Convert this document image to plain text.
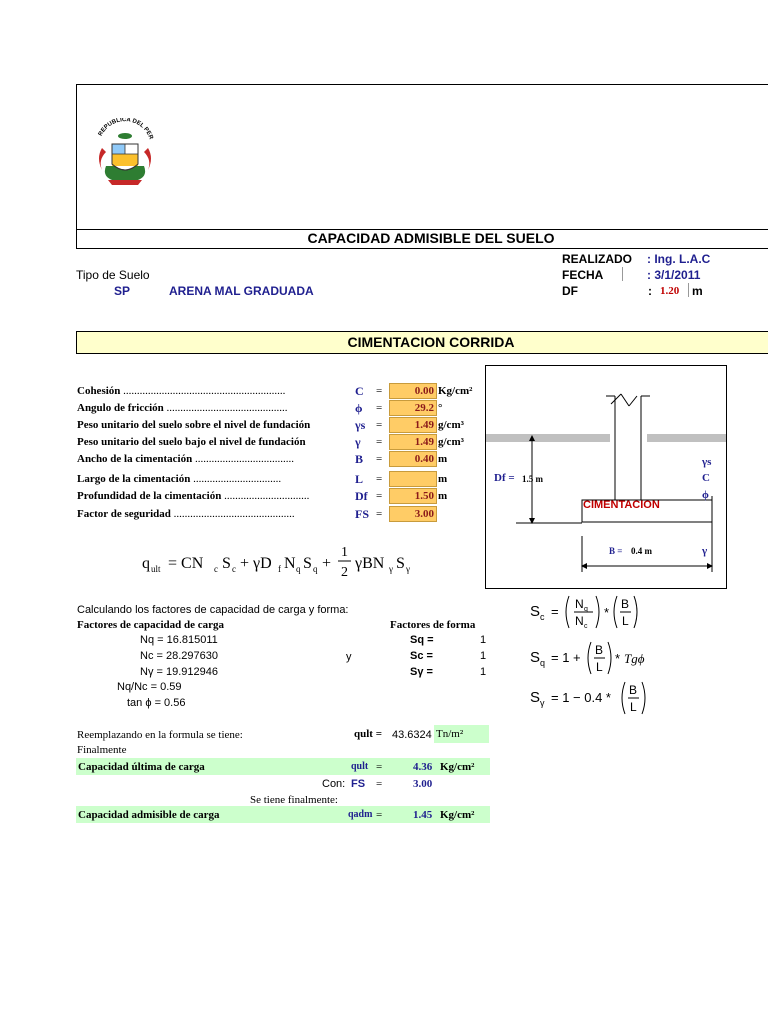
REPUBLICA DEL PER
CAPACIDAD ADMISIBLE DEL SUELO
REALIZADO : Ing. L.A.C
FECHA	: 3/1/2011
DF	: 1.20 m
Tipo de Suelo
SP	ARENA MAL GRADUADA
CIMENTACION CORRIDA
Cohesión ...........................................................	C =	0.00 Kg/cm²
Angulo de fricción ............................................	ϕ =	29.2 °
Peso unitario del suelo sobre el nivel de fundación	γs =	1.49 g/cm³
Peso unitario del suelo bajo el nivel de fundación	γ =	1.49 g/cm³
Ancho de la cimentación ....................................	B =	0.40 m
Largo de la cimentación ................................	L =	m
Profundidad de la cimentación ...............................	Df =	1.50 m
Factor de seguridad ............................................	FS =	3.00
q ult = CN c S c + γD f N q S q +
1
2
γBN γ S γ
Df = 1.5 m
CIMENTACION
B = 0.4 m
γs
C
ϕ
γ
Calculando los factores de capacidad de carga y forma:
Factores de capacidad de carga	Factores de forma
Nq = 16.815011
Nc = 28.297630
Nγ = 19.912946
Nq/Nc = 0.59
tan ϕ = 0.56
y
Sq =	1
Sc =	1
Sγ =	1
S c = N q
N c
*
B
L
S q = 1 + B
L
* Tgϕ
S γ = 1 − 0.4 * B
L
Reemplazando en la formula se tiene:	qult = 43.6324 Tn/m²
Finalmente
Capacidad última de carga	qult =	4.36 Kg/cm²
Con: FS =	3.00
Se tiene finalmente:
Capacidad admisible de carga	qadm =	1.45 Kg/cm²
